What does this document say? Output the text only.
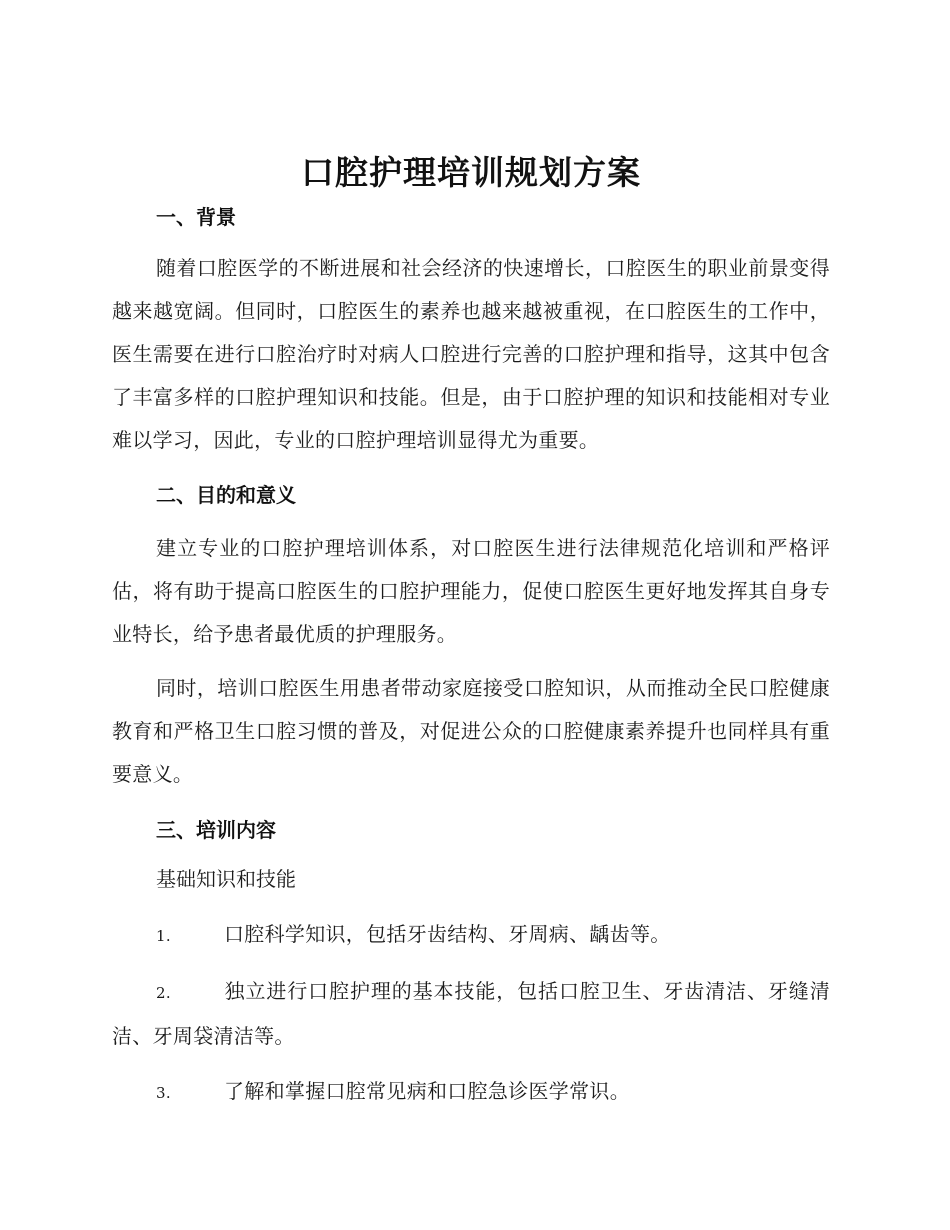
口腔护理培训规划方案
一、背景

随着口腔医学的不断进展和社会经济的快速增长，口腔医生的职业前景变得越来越宽阔。但同时，口腔医生的素养也越来越被重视，在口腔医生的工作中，医生需要在进行口腔治疗时对病人口腔进行完善的口腔护理和指导，这其中包含了丰富多样的口腔护理知识和技能。但是，由于口腔护理的知识和技能相对专业难以学习，因此，专业的口腔护理培训显得尤为重要。

二、目的和意义

建立专业的口腔护理培训体系，对口腔医生进行法律规范化培训和严格评估，将有助于提高口腔医生的口腔护理能力，促使口腔医生更好地发挥其自身专业特长，给予患者最优质的护理服务。

同时，培训口腔医生用患者带动家庭接受口腔知识，从而推动全民口腔健康教育和严格卫生口腔习惯的普及，对促进公众的口腔健康素养提升也同样具有重要意义。

三、培训内容

基础知识和技能

1.	口腔科学知识，包括牙齿结构、牙周病、龋齿等。

2.	独立进行口腔护理的基本技能，包括口腔卫生、牙齿清洁、牙缝清洁、牙周袋清洁等。

3.	了解和掌握口腔常见病和口腔急诊医学常识。
